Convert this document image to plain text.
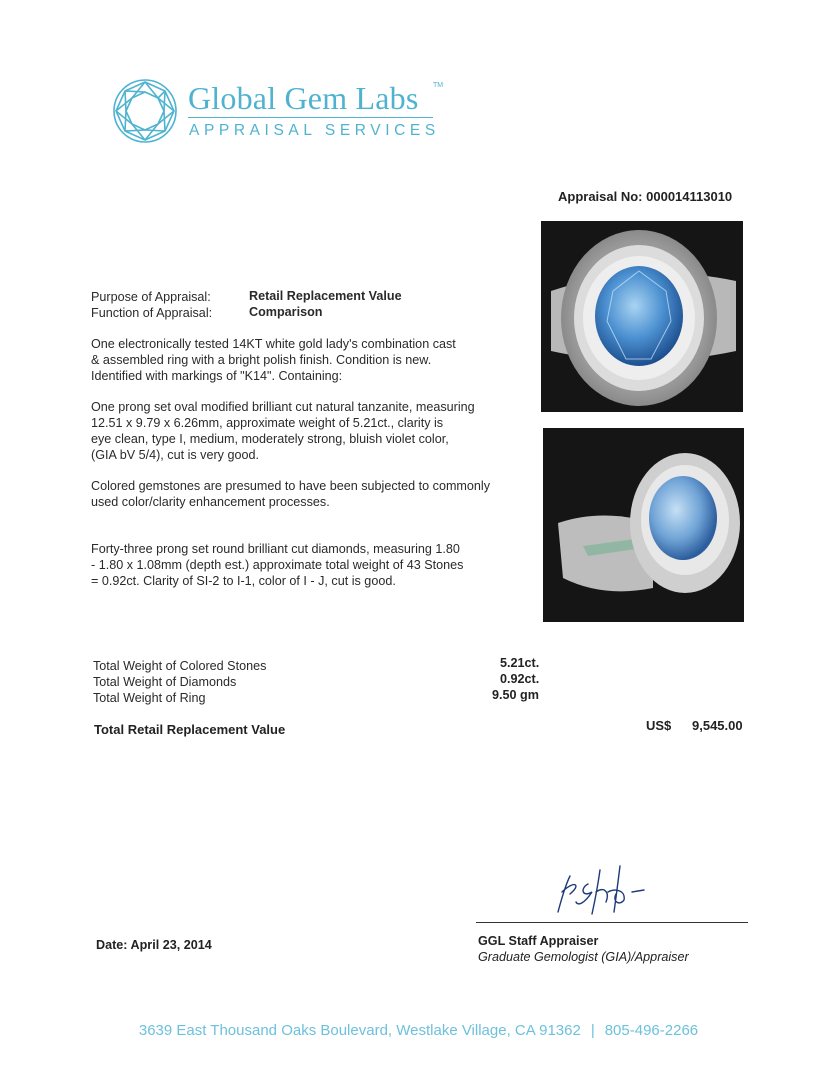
Global Gem Labs TM
APPRAISAL SERVICES
Appraisal No: 000014113010
Purpose of Appraisal:	Retail Replacement Value
Function of Appraisal:	Comparison
One electronically tested 14KT white gold lady's combination cast
& assembled ring with a bright polish finish. Condition is new.
Identified with markings of "K14". Containing:
One prong set oval modified brilliant cut natural tanzanite, measuring
12.51 x 9.79 x 6.26mm, approximate weight of 5.21ct., clarity is
eye clean, type I, medium, moderately strong, bluish violet color,
(GIA bV 5/4), cut is very good.
Colored gemstones are presumed to have been subjected to commonly
used color/clarity enhancement processes.
Forty-three prong set round brilliant cut diamonds, measuring 1.80
- 1.80 x 1.08mm (depth est.) approximate total weight of 43 Stones
= 0.92ct. Clarity of SI-2 to I-1, color of I - J, cut is good.
Total Weight of Colored Stones	5.21ct.
Total Weight of Diamonds	0.92ct.
Total Weight of Ring	9.50 gm
Total Retail Replacement Value	US$ 9,545.00
Date: April 23, 2014	GGL Staff Appraiser
Graduate Gemologist (GIA)/Appraiser
3639 East Thousand Oaks Boulevard, Westlake Village, CA 91362 | 805-496-2266
